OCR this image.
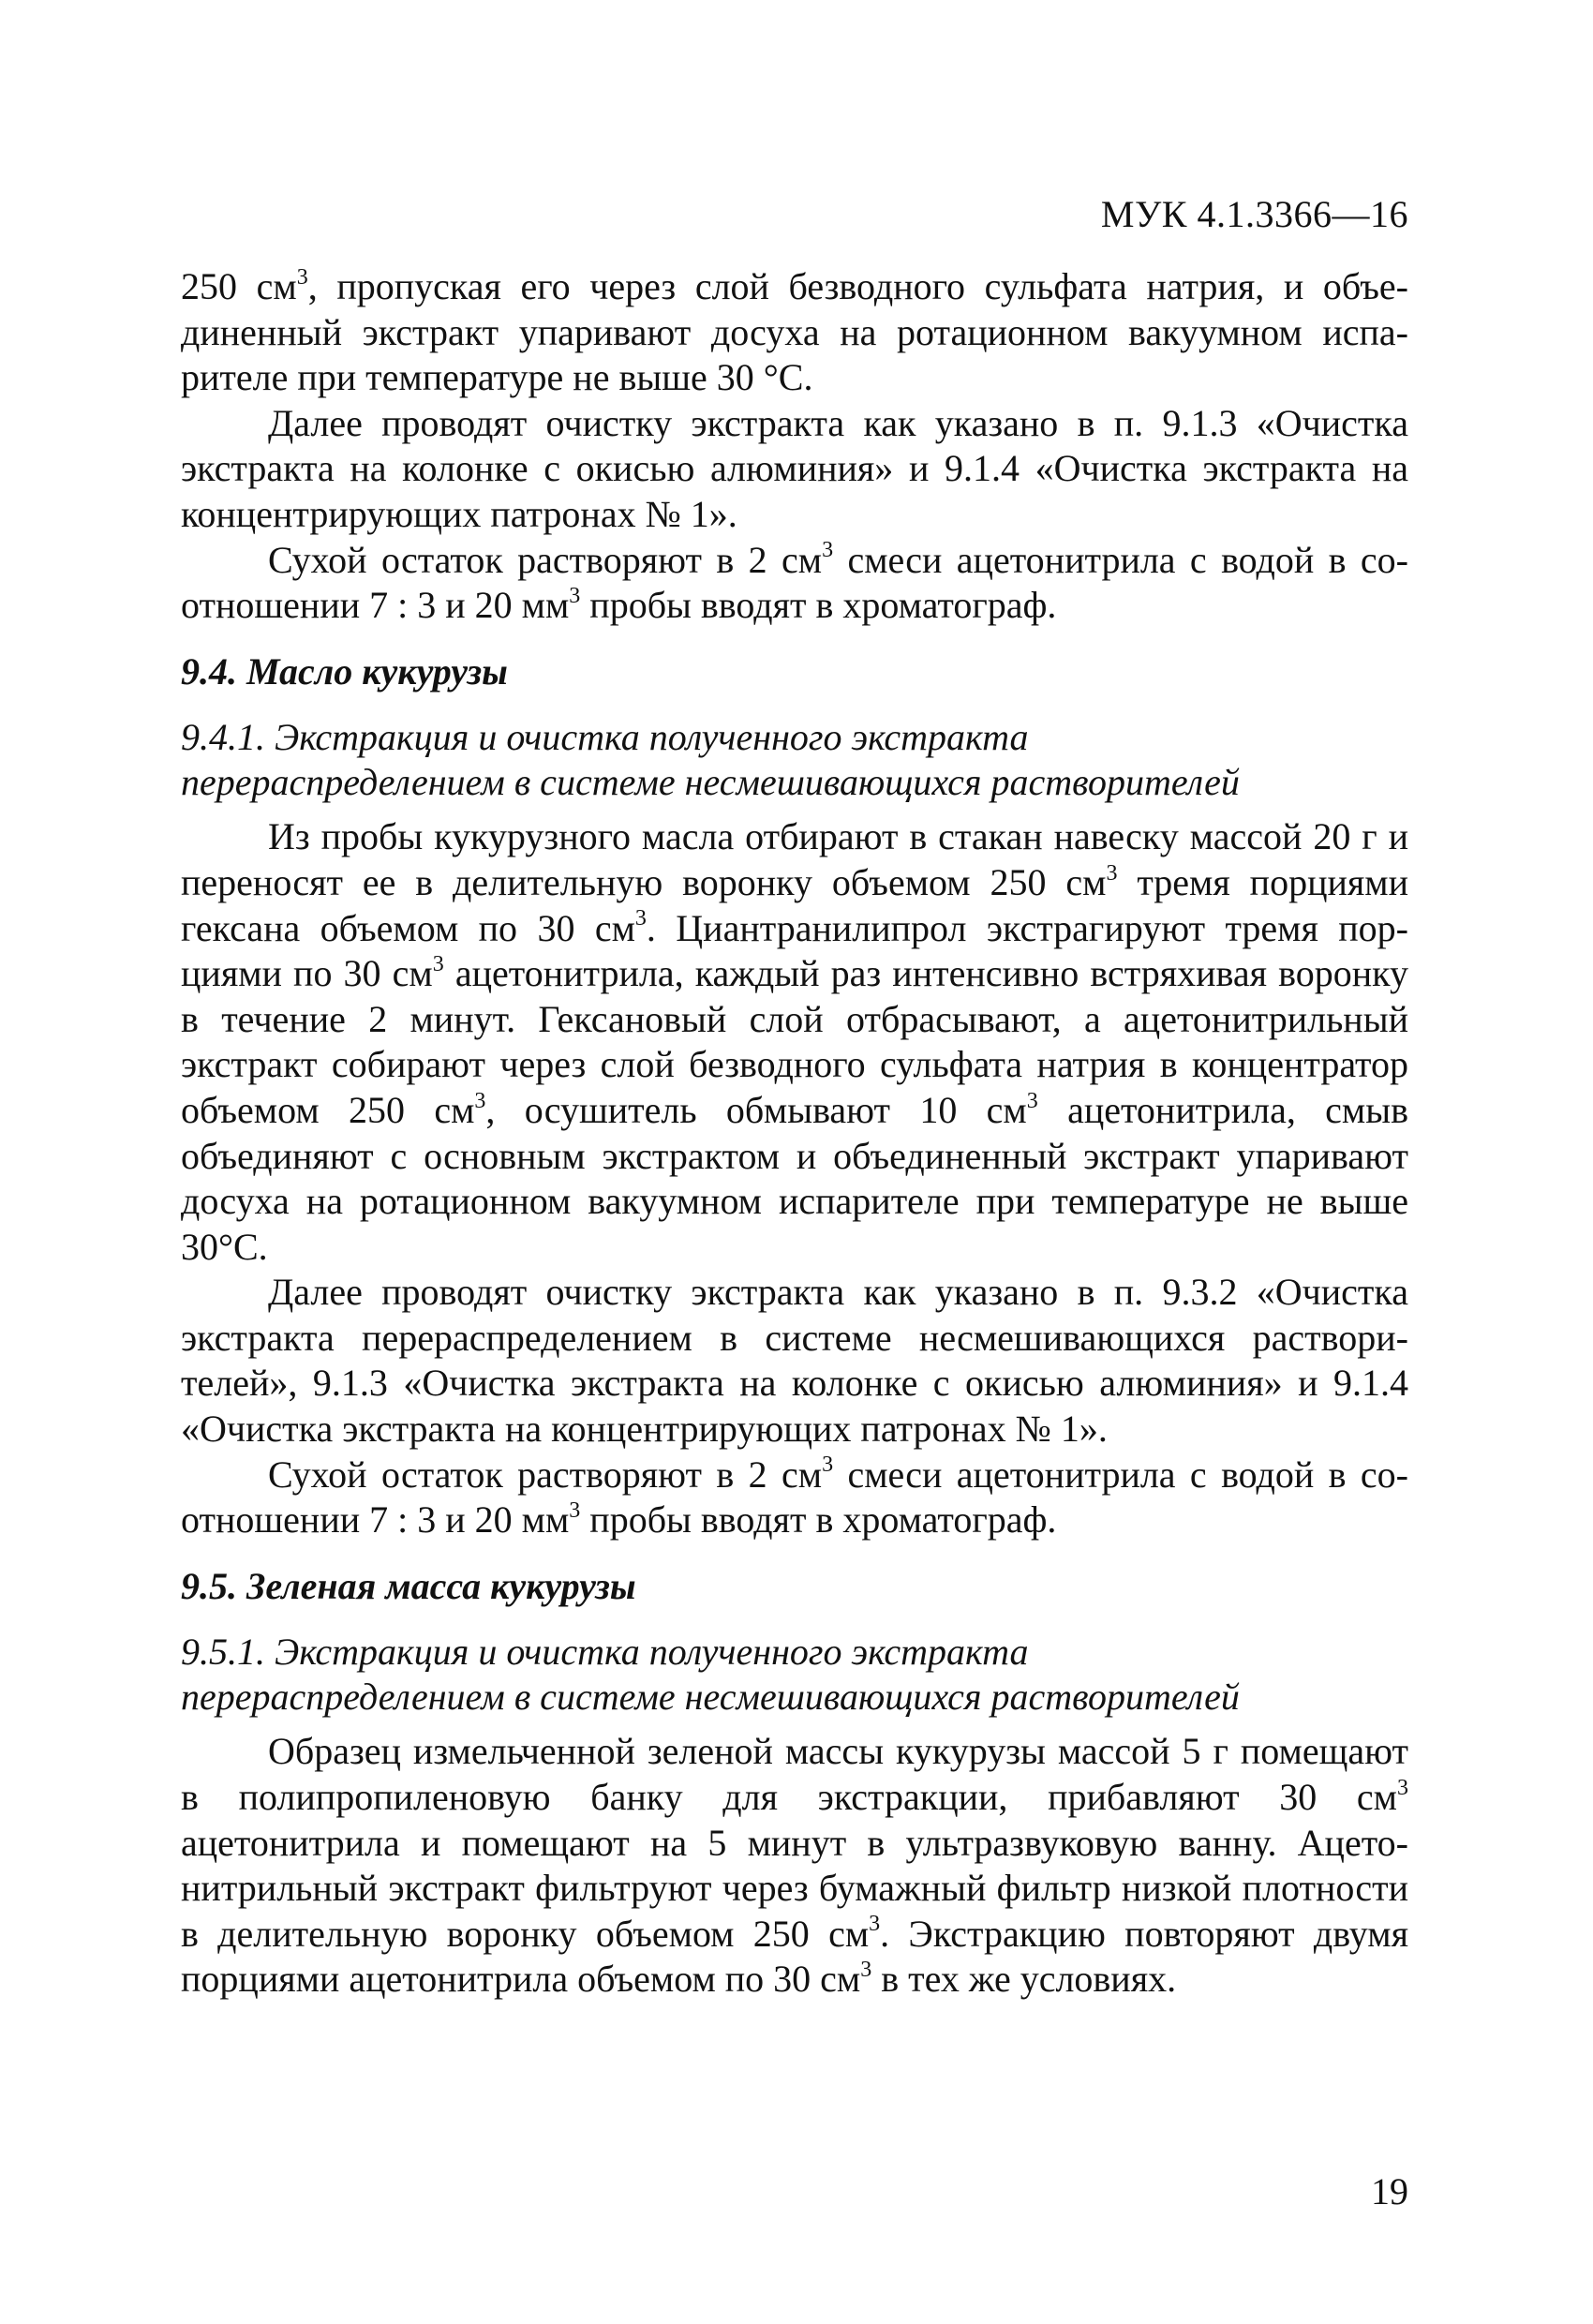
МУК 4.1.3366—16

250 $см^3$, пропуская его через слой безводного сульфата натрия, и объединенный экстракт упаривают досуха на ротационном вакуумном испарителе при температуре не выше 30 °С.

Далее проводят очистку экстракта как указано в п. 9.1.3 «Очистка экстракта на колонке с окисью алюминия» и 9.1.4 «Очистка экстракта на концентрирующих патронах № 1».

Сухой остаток растворяют в 2 $см^3$ смеси ацетонитрила с водой в соотношении 7 : 3 и 20 $мм^3$ пробы вводят в хроматограф.

9.4. Масло кукурузы

9.4.1. Экстракция и очистка полученного экстракта

перераспределением в системе несмешивающихся растворителей

Из пробы кукурузного масла отбирают в стакан навеску массой 20 г и переносят ее в делительную воронку объемом 250 $см^3$ тремя порциями гексана объемом по 30 $см^3$. Циантранилипрол экстрагируют тремя порциями по 30 $см^3$ ацетонитрила, каждый раз интенсивно встряхивая воронку в течение 2 минут. Гексановый слой отбрасывают, а ацетонитрильный экстракт собирают через слой безводного сульфата натрия в концентратор объемом 250 $см^3$, осушитель обмывают 10 $см^3$ ацетонитрила, смыв объединяют с основным экстрактом и объединенный экстракт упаривают досуха на ротационном вакуумном испарителе при температуре не выше 30°С.

Далее проводят очистку экстракта как указано в п. 9.3.2 «Очистка экстракта перераспределением в системе несмешивающихся растворителей», 9.1.3 «Очистка экстракта на колонке с окисью алюминия» и 9.1.4 «Очистка экстракта на концентрирующих патронах № 1».

Сухой остаток растворяют в 2 $см^3$ смеси ацетонитрила с водой в соотношении 7 : 3 и 20 $мм^3$ пробы вводят в хроматограф.

9.5. Зеленая масса кукурузы

9.5.1. Экстракция и очистка полученного экстракта

перераспределением в системе несмешивающихся растворителей

Образец измельченной зеленой массы кукурузы массой 5 г помещают в полипропиленовую банку для экстракции, прибавляют 30 $см^3$ ацетонитрила и помещают на 5 минут в ультразвуковую ванну. Ацетонитрильный экстракт фильтруют через бумажный фильтр низкой плотности в делительную воронку объемом 250 $см^3$. Экстракцию повторяют двумя порциями ацетонитрила объемом по 30 $см^3$ в тех же условиях.

19
